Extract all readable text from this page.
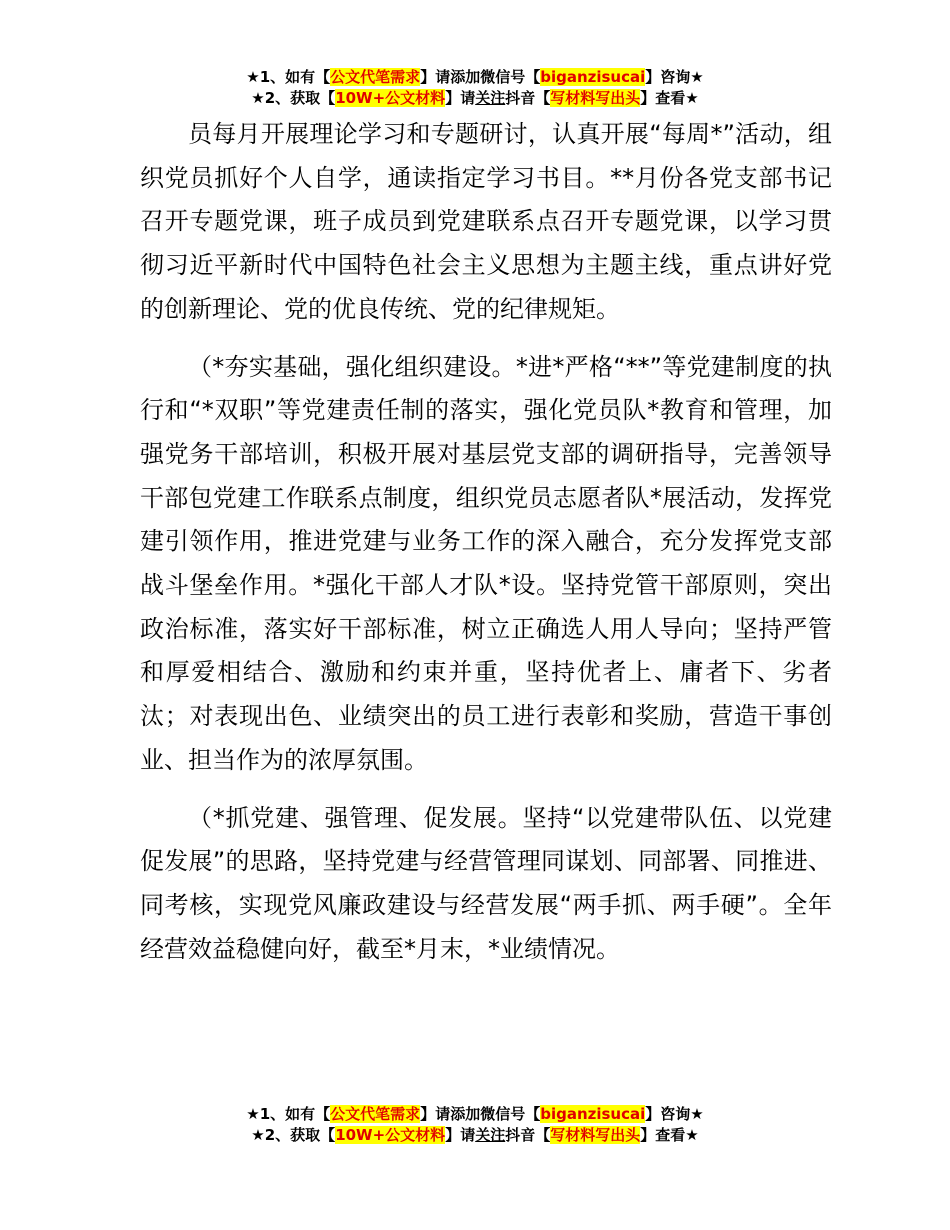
★1、如有【公文代笔需求】请添加微信号【biganzisucai】咨询★
★2、获取【10W+公文材料】请关注抖音【写材料写出头】查看★

员每月开展理论学习和专题研讨，认真开展“每周*”活动，组织党员抓好个人自学，通读指定学习书目。**月份各党支部书记召开专题党课，班子成员到党建联系点召开专题党课，以学习贯彻习近平新时代中国特色社会主义思想为主题主线，重点讲好党的创新理论、党的优良传统、党的纪律规矩。

（*夯实基础，强化组织建设。*进*严格“**”等党建制度的执行和“*双职”等党建责任制的落实，强化党员队*教育和管理，加强党务干部培训，积极开展对基层党支部的调研指导，完善领导干部包党建工作联系点制度，组织党员志愿者队*展活动，发挥党建引领作用，推进党建与业务工作的深入融合，充分发挥党支部战斗堡垒作用。*强化干部人才队*设。坚持党管干部原则，突出政治标准，落实好干部标准，树立正确选人用人导向；坚持严管和厚爱相结合、激励和约束并重，坚持优者上、庸者下、劣者汰；对表现出色、业绩突出的员工进行表彰和奖励，营造干事创业、担当作为的浓厚氛围。

（*抓党建、强管理、促发展。坚持“以党建带队伍、以党建促发展”的思路，坚持党建与经营管理同谋划、同部署、同推进、同考核，实现党风廉政建设与经营发展“两手抓、两手硬”。全年经营效益稳健向好，截至*月末，*业绩情况。

★1、如有【公文代笔需求】请添加微信号【biganzisucai】咨询★
★2、获取【10W+公文材料】请关注抖音【写材料写出头】查看★
